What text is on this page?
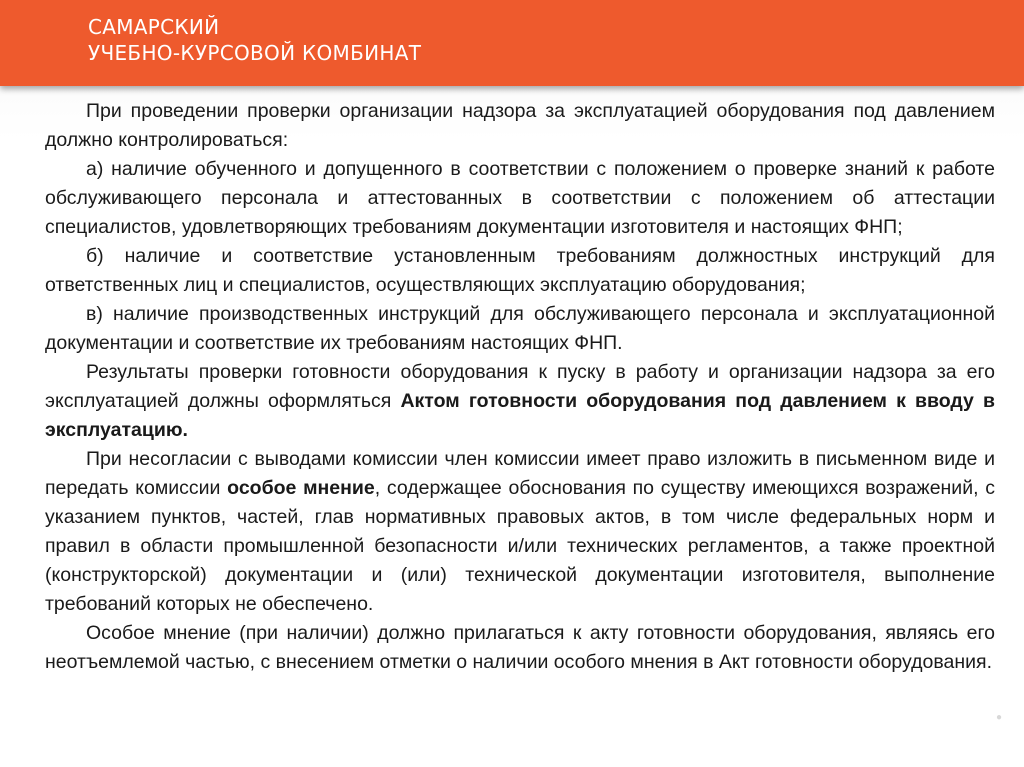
САМАРСКИЙ
УЧЕБНО-КУРСОВОЙ КОМБИНАТ

При проведении проверки организации надзора за эксплуатацией оборудования под давлением должно контролироваться:

а) наличие обученного и допущенного в соответствии с положением о проверке знаний к работе обслуживающего персонала и аттестованных в соответствии с положением об аттестации специалистов, удовлетворяющих требованиям документации изготовителя и настоящих ФНП;

б) наличие и соответствие установленным требованиям должностных инструкций для ответственных лиц и специалистов, осуществляющих эксплуатацию оборудования;

в) наличие производственных инструкций для обслуживающего персонала и эксплуатационной документации и соответствие их требованиям настоящих ФНП.

Результаты проверки готовности оборудования к пуску в работу и организации надзора за его эксплуатацией должны оформляться Актом готовности оборудования под давлением к вводу в эксплуатацию.

При несогласии с выводами комиссии член комиссии имеет право изложить в письменном виде и передать комиссии особое мнение, содержащее обоснования по существу имеющихся возражений, с указанием пунктов, частей, глав нормативных правовых актов, в том числе федеральных норм и правил в области промышленной безопасности и/или технических регламентов, а также проектной (конструкторской) документации и (или) технической документации изготовителя, выполнение требований которых не обеспечено.

Особое мнение (при наличии) должно прилагаться к акту готовности оборудования, являясь его неотъемлемой частью, с внесением отметки о наличии особого мнения в Акт готовности оборудования.

●
